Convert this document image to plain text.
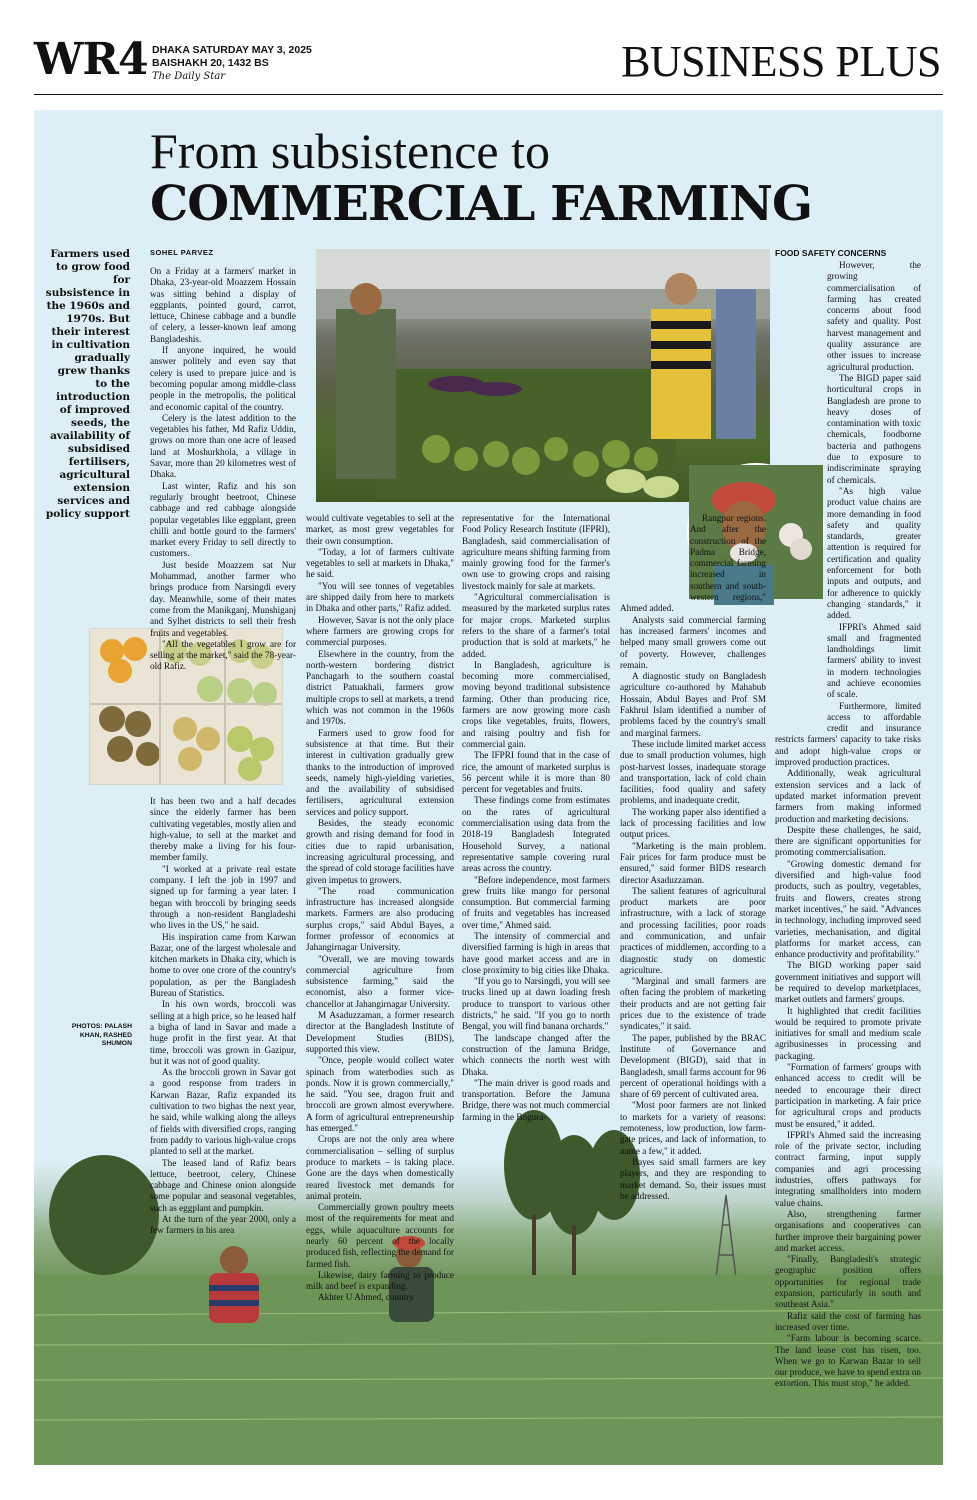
WR4 DHAKA SATURDAY MAY 3, 2025
BAISHAKH 20, 1432 BS
The Daily Star	BUSINESS PLUS
From subsistence to
COMMERCIAL FARMING
Farmers used to grow food for subsistence in the 1960s and 1970s. But their interest in cultivation gradually grew thanks to the introduction of improved seeds, the availability of subsidised fertilisers, agricultural extension services and policy support
SOHEL PARVEZ
PHOTOS: PALASH KHAN, RASHED SHUMON

On a Friday at a farmers' market in Dhaka, 23-year-old Moazzem Hossain was sitting behind a display of eggplants, pointed gourd, carrot, lettuce, Chinese cabbage and a bundle of celery, a lesser-known leaf among Bangladeshis.

If anyone inquired, he would answer politely and even say that celery is used to prepare juice and is becoming popular among middle-class people in the metropolis, the political and economic capital of the country.

Celery is the latest addition to the vegetables his father, Md Rafiz Uddin, grows on more than one acre of leased land at Moshurkhola, a village in Savar, more than 20 kilometres west of Dhaka.

Last winter, Rafiz and his son regularly brought beetroot, Chinese cabbage and red cabbage alongside popular vegetables like eggplant, green chilli and bottle gourd to the farmers' market every Friday to sell directly to customers.

Just beside Moazzem sat Nur Mohammad, another farmer who brings produce from Narsingdi every day. Meanwhile, some of their mates come from the Manikganj, Munshiganj and Sylhet districts to sell their fresh fruits and vegetables.

"All the vegetables I grow are for selling at the market," said the 78-year-old Rafiz.

It has been two and a half decades since the elderly farmer has been cultivating vegetables, mostly alien and high-value, to sell at the market and thereby make a living for his four-member family.

"I worked at a private real estate company. I left the job in 1997 and signed up for farming a year later. I began with broccoli by bringing seeds through a non-resident Bangladeshi who lives in the US," he said.

His inspiration came from Karwan Bazar, one of the largest wholesale and kitchen markets in Dhaka city, which is home to over one crore of the country's population, as per the Bangladesh Bureau of Statistics.

In his own words, broccoli was selling at a high price, so he leased half a bigha of land in Savar and made a huge profit in the first year. At that time, broccoli was grown in Gazipur, but it was not of good quality.

As the broccoli grown in Savar got a good response from traders in Karwan Bazar, Rafiz expanded its cultivation to two bighas the next year, he said, while walking along the alleys of fields with diversified crops, ranging from paddy to various high-value crops planted to sell at the market.

The leased land of Rafiz bears lettuce, beetroot, celery, Chinese cabbage and Chinese onion alongside some popular and seasonal vegetables, such as eggplant and pumpkin.

At the turn of the year 2000, only a few farmers in his area

would cultivate vegetables to sell at the market, as most grew vegetables for their own consumption.

"Today, a lot of farmers cultivate vegetables to sell at markets in Dhaka," he said.

"You will see tonnes of vegetables are shipped daily from here to markets in Dhaka and other parts," Rafiz added.

However, Savar is not the only place where farmers are growing crops for commercial purposes.

Elsewhere in the country, from the north-western bordering district Panchagarh to the southern coastal district Patuakhali, farmers grow multiple crops to sell at markets, a trend which was not common in the 1960s and 1970s.

Farmers used to grow food for subsistence at that time. But their interest in cultivation gradually grew thanks to the introduction of improved seeds, namely high-yielding varieties, and the availability of subsidised fertilisers, agricultural extension services and policy support.

Besides, the steady economic growth and rising demand for food in cities due to rapid urbanisation, increasing agricultural processing, and the spread of cold storage facilities have given impetus to growers.

"The road communication infrastructure has increased alongside markets. Farmers are also producing surplus crops," said Abdul Bayes, a former professor of economics at Jahangirnagar University.

"Overall, we are moving towards commercial agriculture from subsistence farming," said the economist, also a former vice-chancellor at Jahangirnagar University.

M Asaduzzaman, a former research director at the Bangladesh Institute of Development Studies (BIDS), supported this view.

"Once, people would collect water spinach from waterbodies such as ponds. Now it is grown commercially," he said. "You see, dragon fruit and broccoli are grown almost everywhere. A form of agricultural entrepreneurship has emerged."

Crops are not the only area where commercialisation – selling of surplus produce to markets – is taking place. Gone are the days when domestically reared livestock met demands for animal protein.

Commercially grown poultry meets most of the requirements for meat and eggs, while aquaculture accounts for nearly 60 percent of the locally produced fish, reflecting the demand for farmed fish.

Likewise, dairy farming to produce milk and beef is expanding.

Akhter U Ahmed, country

representative for the International Food Policy Research Institute (IFPRI), Bangladesh, said commercialisation of agriculture means shifting farming from mainly growing food for the farmer's own use to growing crops and raising livestock mainly for sale at markets.

"Agricultural commercialisation is measured by the marketed surplus rates for major crops. Marketed surplus refers to the share of a farmer's total production that is sold at markets," he added.

In Bangladesh, agriculture is becoming more commercialised, moving beyond traditional subsistence farming. Other than producing rice, farmers are now growing more cash crops like vegetables, fruits, flowers, and raising poultry and fish for commercial gain.

The IFPRI found that in the case of rice, the amount of marketed surplus is 56 percent while it is more than 80 percent for vegetables and fruits.

These findings come from estimates on the rates of agricultural commercialisation using data from the 2018-19 Bangladesh Integrated Household Survey, a national representative sample covering rural areas across the country.

"Before independence, most farmers grew fruits like mango for personal consumption. But commercial farming of fruits and vegetables has increased over time," Ahmed said.

The intensity of commercial and diversified farming is high in areas that have good market access and are in close proximity to big cities like Dhaka.

"If you go to Narsingdi, you will see trucks lined up at dawn loading fresh produce to transport to various other districts," he said. "If you go to north Bengal, you will find banana orchards."

The landscape changed after the construction of the Jamuna Bridge, which connects the north west with Dhaka.

"The main driver is good roads and transportation. Before the Jamuna Bridge, there was not much commercial farming in the Bogura-

Rangpur regions. And after the construction of the Padma Bridge, commercial farming increased in southern and south-western regions," Ahmed added.

Analysts said commercial farming has increased farmers' incomes and helped many small growers come out of poverty. However, challenges remain.

A diagnostic study on Bangladesh agriculture co-authored by Mahabub Hossain, Abdul Bayes and Prof SM Fakhrul Islam identified a number of problems faced by the country's small and marginal farmers.

These include limited market access due to small production volumes, high post-harvest losses, inadequate storage and transportation, lack of cold chain facilities, food quality and safety problems, and inadequate credit.

The working paper also identified a lack of processing facilities and low output prices.

"Marketing is the main problem. Fair prices for farm produce must be ensured," said former BIDS research director Asaduzzaman.

The salient features of agricultural product markets are poor infrastructure, with a lack of storage and processing facilities, poor roads and communication, and unfair practices of middlemen, according to a diagnostic study on domestic agriculture.

"Marginal and small farmers are often facing the problem of marketing their products and are not getting fair prices due to the existence of trade syndicates," it said.

The paper, published by the BRAC Institute of Governance and Development (BIGD), said that in Bangladesh, small farms account for 96 percent of operational holdings with a share of 69 percent of cultivated area.

"Most poor farmers are not linked to markets for a variety of reasons: remoteness, low production, low farm-gate prices, and lack of information, to name a few," it added.

Bayes said small farmers are key players, and they are responding to market demand. So, their issues must be addressed.

FOOD SAFETY CONCERNS

However, the growing commercialisation of farming has created concerns about food safety and quality. Post harvest management and quality assurance are other issues to increase agricultural production.

The BIGD paper said horticultural crops in Bangladesh are prone to heavy doses of contamination with toxic chemicals, foodborne bacteria and pathogens due to exposure to indiscriminate spraying of chemicals.

"As high value product value chains are more demanding in food safety and quality standards, greater attention is required for certification and quality enforcement for both inputs and outputs, and for adherence to quickly changing standards," it added.

IFPRI's Ahmed said small and fragmented landholdings limit farmers' ability to invest in modern technologies and achieve economies of scale.

Furthermore, limited access to affordable credit and insurance restricts farmers' capacity to take risks and adopt high-value crops or improved production practices.

Additionally, weak agricultural extension services and a lack of updated market information prevent farmers from making informed production and marketing decisions.

Despite these challenges, he said, there are significant opportunities for promoting commercialisation.

"Growing domestic demand for diversified and high-value food products, such as poultry, vegetables, fruits and flowers, creates strong market incentives," he said. "Advances in technology, including improved seed varieties, mechanisation, and digital platforms for market access, can enhance productivity and profitability."

The BIGD working paper said government initiatives and support will be required to develop marketplaces, market outlets and farmers' groups.

It highlighted that credit facilities would be required to promote private initiatives for small and medium scale agribusinesses in processing and packaging.

"Formation of farmers' groups with enhanced access to credit will be needed to encourage their direct participation in marketing. A fair price for agricultural crops and products must be ensured," it added.

IFPRI's Ahmed said the increasing role of the private sector, including contract farming, input supply companies and agri processing industries, offers pathways for integrating smallholders into modern value chains.

Also, strengthening farmer organisations and cooperatives can further improve their bargaining power and market access.

"Finally, Bangladesh's strategic geographic position offers opportunities for regional trade expansion, particularly in south and southeast Asia."

Rafiz said the cost of farming has increased over time.

"Farm labour is becoming scarce. The land lease cost has risen, too. When we go to Karwan Bazar to sell our produce, we have to spend extra on extortion. This must stop," he added.
